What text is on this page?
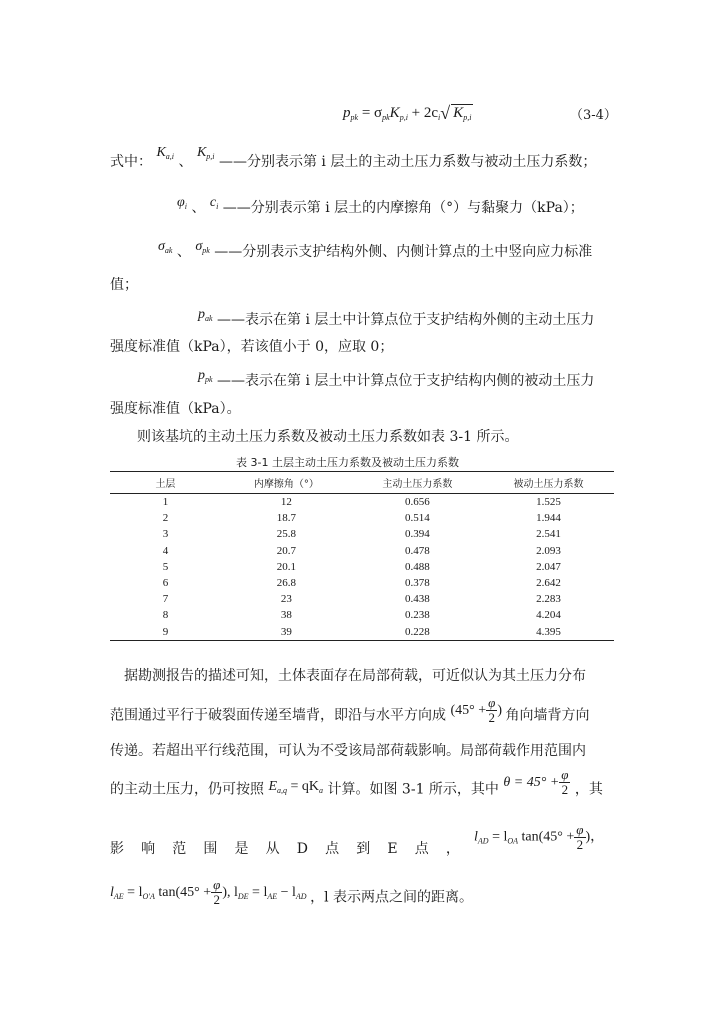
$p_{pk} = \sigma_{pk}K_{p,i} + 2c_i√$ $K_{p,i}$	（3-4）
式中： $K_{a,i}$ 、 $K_{p,i}$ ——分别表示第 i 层土的主动土压力系数与被动土压力系数；
$\varphi_i$ 、 $c_i$ ——分别表示第 i 层土的内摩擦角（°）与黏聚力（kPa）；
$\sigma_{ak}$ 、 $\sigma_{pk}$ ——分别表示支护结构外侧、内侧计算点的土中竖向应力标准
值；
$p_{ak}$ ——表示在第 i 层土中计算点位于支护结构外侧的主动土压力
强度标准值（kPa），若该值小于 0，应取 0；
$p_{pk}$ ——表示在第 i 层土中计算点位于支护结构内侧的被动土压力
强度标准值（kPa）。
则该基坑的主动土压力系数及被动土压力系数如表 3-1 所示。
表 3-1 土层主动土压力系数及被动土压力系数
土层	内摩擦角（°）	主动土压力系数	被动土压力系数
1	12	0.656	1.525
2	18.7	0.514	1.944
3	25.8	0.394	2.541
4	20.7	0.478	2.093
5	20.1	0.488	2.047
6	26.8	0.378	2.642
7	23	0.438	2.283
8	38	0.238	4.204
9	39	0.228	4.395
据勘测报告的描述可知，土体表面存在局部荷载，可近似认为其土压力分布
范围通过平行于破裂面传递至墙背，即沿与水平方向成 ($45^\circ + \frac{\varphi}{2}$ ) 角向墙背方向
传递。若超出平行线范围，可认为不受该局部荷载影响。局部荷载作用范围内
的主动土压力，仍可按照 $E_{a,q} = qK_a$ 计算。如图 3-1 所示，其中 $\theta = 45^\circ + \frac{\varphi}{2}$ ，其
影 响 范 围 是 从 D 点 到 E 点 ，
$l_{AD} = l_{OA}$ $\tan(45^\circ + \frac{\varphi}{2}$ )，
$l_{AE} = l_{O'A}$ $\tan(45^\circ + \frac{\varphi}{2}$ ), $l_{DE} = l_{AE} - l_{AD}$ ，l 表示两点之间的距离。
